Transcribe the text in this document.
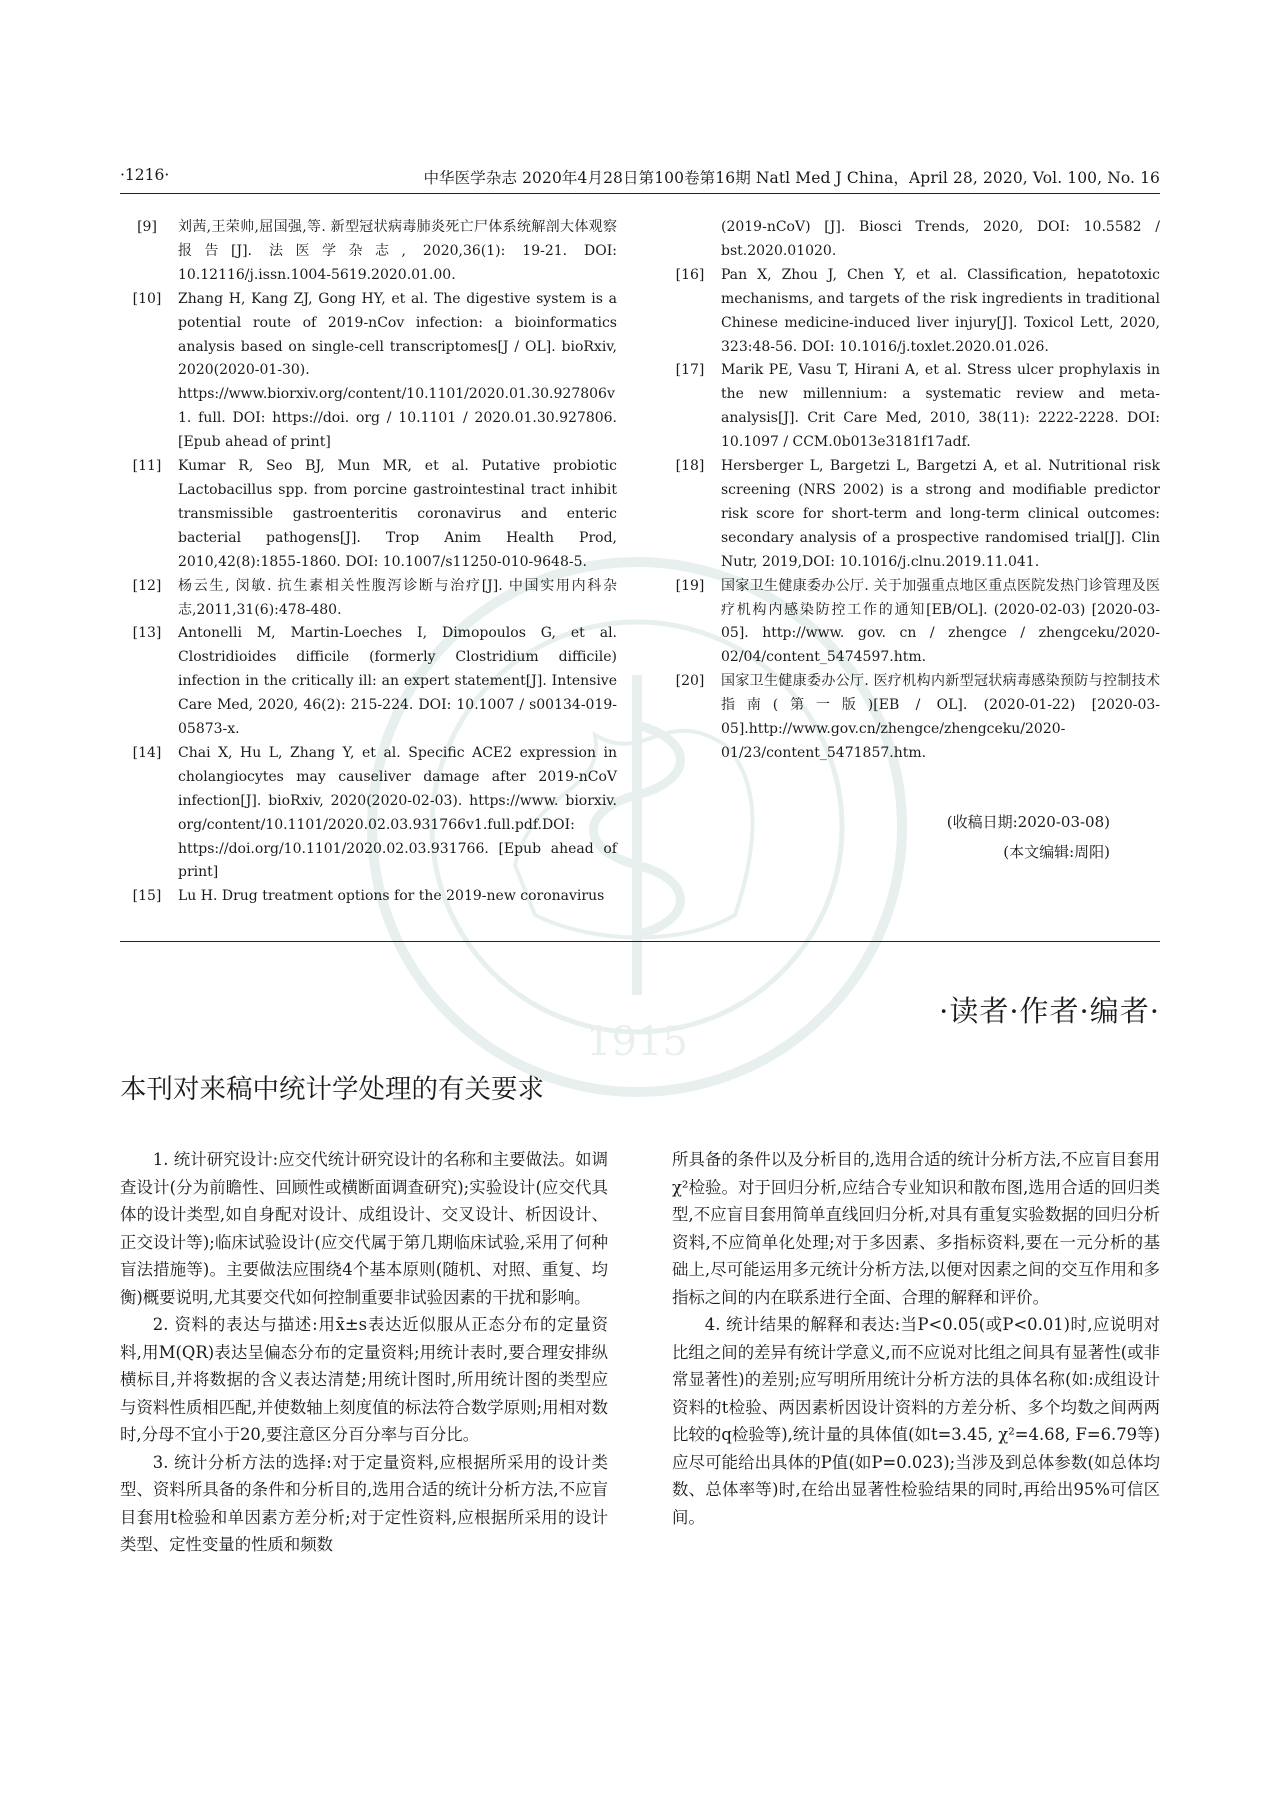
1915
·1216·	中华医学杂志 2020年4月28日第100卷第16期 Natl Med J China，April 28, 2020, Vol. 100, No. 16
[9]	刘茜,王荣帅,屈国强,等. 新型冠状病毒肺炎死亡尸体系统解剖大体观察报告[J]. 法医学杂志, 2020,36(1): 19-21. DOI: 10.12116/j.issn.1004-5619.2020.01.00.
[10]	Zhang H, Kang ZJ, Gong HY, et al. The digestive system is a potential route of 2019-nCov infection: a bioinformatics analysis based on single-cell transcriptomes[J / OL]. bioRxiv, 2020(2020-01-30). https://www.biorxiv.org/content/10.1101/2020.01.30.927806v1. full. DOI: https://doi. org / 10.1101 / 2020.01.30.927806. [Epub ahead of print]
[11]	Kumar R, Seo BJ, Mun MR, et al. Putative probiotic Lactobacillus spp. from porcine gastrointestinal tract inhibit transmissible gastroenteritis coronavirus and enteric bacterial pathogens[J]. Trop Anim Health Prod, 2010,42(8):1855-1860. DOI: 10.1007/s11250-010-9648-5.
[12]	杨云生, 闵敏. 抗生素相关性腹泻诊断与治疗[J]. 中国实用内科杂志,2011,31(6):478-480.
[13]	Antonelli M, Martin-Loeches I, Dimopoulos G, et al. Clostridioides difficile (formerly Clostridium difficile) infection in the critically ill: an expert statement[J]. Intensive Care Med, 2020, 46(2): 215-224. DOI: 10.1007 / s00134-019-05873-x.
[14]	Chai X, Hu L, Zhang Y, et al. Specific ACE2 expression in cholangiocytes may causeliver damage after 2019-nCoV infection[J]. bioRxiv, 2020(2020-02-03). https://www. biorxiv. org/content/10.1101/2020.02.03.931766v1.full.pdf.DOI: https://doi.org/10.1101/2020.02.03.931766. [Epub ahead of print]
[15]	Lu H. Drug treatment options for the 2019-new coronavirus
(2019-nCoV) [J]. Biosci Trends, 2020, DOI: 10.5582 / bst.2020.01020.
[16]	Pan X, Zhou J, Chen Y, et al. Classification, hepatotoxic mechanisms, and targets of the risk ingredients in traditional Chinese medicine-induced liver injury[J]. Toxicol Lett, 2020, 323:48-56. DOI: 10.1016/j.toxlet.2020.01.026.
[17]	Marik PE, Vasu T, Hirani A, et al. Stress ulcer prophylaxis in the new millennium: a systematic review and meta-analysis[J]. Crit Care Med, 2010, 38(11): 2222-2228. DOI: 10.1097 / CCM.0b013e3181f17adf.
[18]	Hersberger L, Bargetzi L, Bargetzi A, et al. Nutritional risk screening (NRS 2002) is a strong and modifiable predictor risk score for short-term and long-term clinical outcomes: secondary analysis of a prospective randomised trial[J]. Clin Nutr, 2019,DOI: 10.1016/j.clnu.2019.11.041.
[19]	国家卫生健康委办公厅. 关于加强重点地区重点医院发热门诊管理及医疗机构内感染防控工作的通知[EB/OL]. (2020-02-03) [2020-03-05]. http://www. gov. cn / zhengce / zhengceku/2020-02/04/content_5474597.htm.
[20]	国家卫生健康委办公厅. 医疗机构内新型冠状病毒感染预防与控制技术指南(第一版)[EB / OL]. (2020-01-22) [2020-03-05].http://www.gov.cn/zhengce/zhengceku/2020-01/23/content_5471857.htm.
(收稿日期:2020-03-08)
(本文编辑:周阳)
·读者·作者·编者·
本刊对来稿中统计学处理的有关要求

1. 统计研究设计:应交代统计研究设计的名称和主要做法。如调查设计(分为前瞻性、回顾性或横断面调查研究);实验设计(应交代具体的设计类型,如自身配对设计、成组设计、交叉设计、析因设计、正交设计等);临床试验设计(应交代属于第几期临床试验,采用了何种盲法措施等)。主要做法应围绕4个基本原则(随机、对照、重复、均衡)概要说明,尤其要交代如何控制重要非试验因素的干扰和影响。

2. 资料的表达与描述:用x̄±s表达近似服从正态分布的定量资料,用M(QR)表达呈偏态分布的定量资料;用统计表时,要合理安排纵横标目,并将数据的含义表达清楚;用统计图时,所用统计图的类型应与资料性质相匹配,并使数轴上刻度值的标法符合数学原则;用相对数时,分母不宜小于20,要注意区分百分率与百分比。

3. 统计分析方法的选择:对于定量资料,应根据所采用的设计类型、资料所具备的条件和分析目的,选用合适的统计分析方法,不应盲目套用t检验和单因素方差分析;对于定性资料,应根据所采用的设计类型、定性变量的性质和频数

所具备的条件以及分析目的,选用合适的统计分析方法,不应盲目套用χ²检验。对于回归分析,应结合专业知识和散布图,选用合适的回归类型,不应盲目套用简单直线回归分析,对具有重复实验数据的回归分析资料,不应简单化处理;对于多因素、多指标资料,要在一元分析的基础上,尽可能运用多元统计分析方法,以便对因素之间的交互作用和多指标之间的内在联系进行全面、合理的解释和评价。

4. 统计结果的解释和表达:当P<0.05(或P<0.01)时,应说明对比组之间的差异有统计学意义,而不应说对比组之间具有显著性(或非常显著性)的差别;应写明所用统计分析方法的具体名称(如:成组设计资料的t检验、两因素析因设计资料的方差分析、多个均数之间两两比较的q检验等),统计量的具体值(如t=3.45, χ²=4.68, F=6.79等)应尽可能给出具体的P值(如P=0.023);当涉及到总体参数(如总体均数、总体率等)时,在给出显著性检验结果的同时,再给出95%可信区间。
